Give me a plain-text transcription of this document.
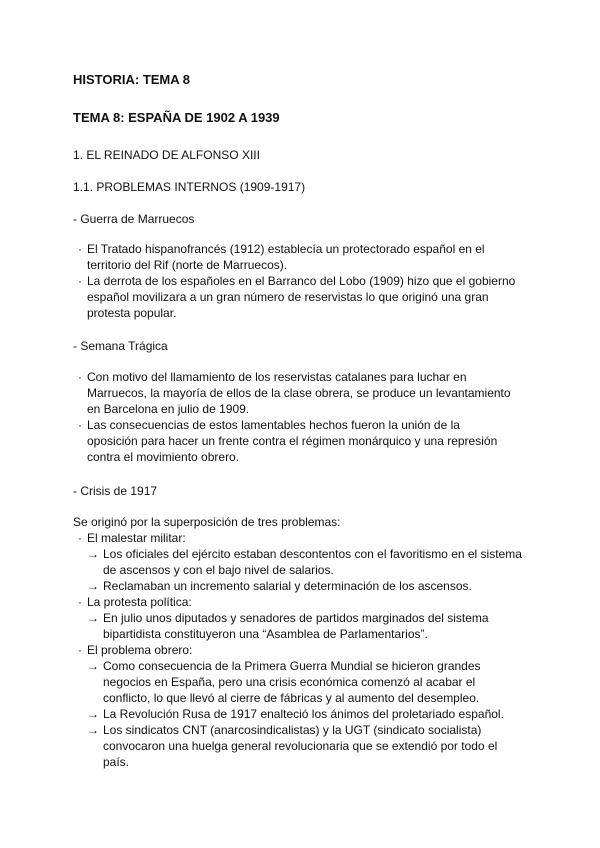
HISTORIA: TEMA 8
TEMA 8: ESPAÑA DE 1902 A 1939
1. EL REINADO DE ALFONSO XIII
1.1. PROBLEMAS INTERNOS (1909-1917)
- Guerra de Marruecos
· El Tratado hispanofrancés (1912) establecía un protectorado español en el
territorio del Rif (norte de Marruecos).
· La derrota de los españoles en el Barranco del Lobo (1909) hizo que el gobierno
español movilizara a un gran número de reservistas lo que originó una gran
protesta popular.
- Semana Trágica
· Con motivo del llamamiento de los reservistas catalanes para luchar en
Marruecos, la mayoría de ellos de la clase obrera, se produce un levantamiento
en Barcelona en julio de 1909.
· Las consecuencias de estos lamentables hechos fueron la unión de la
oposición para hacer un frente contra el régimen monárquico y una represión
contra el movimiento obrero.
- Crisis de 1917
Se originó por la superposición de tres problemas:
· El malestar militar:
→ Los oficiales del ejército estaban descontentos con el favoritismo en el sistema
de ascensos y con el bajo nivel de salarios.
→ Reclamaban un incremento salarial y determinación de los ascensos.
· La protesta política:
→ En julio unos diputados y senadores de partidos marginados del sistema
bipartidista constituyeron una “Asamblea de Parlamentarios”.
· El problema obrero:
→ Como consecuencia de la Primera Guerra Mundial se hicieron grandes
negocios en España, pero una crisis económica comenzó al acabar el
conflicto, lo que llevó al cierre de fábricas y al aumento del desempleo.
→ La Revolución Rusa de 1917 enalteció los ánimos del proletariado español.
→ Los sindicatos CNT (anarcosindicalistas) y la UGT (sindicato socialista)
convocaron una huelga general revolucionaria que se extendió por todo el
país.
